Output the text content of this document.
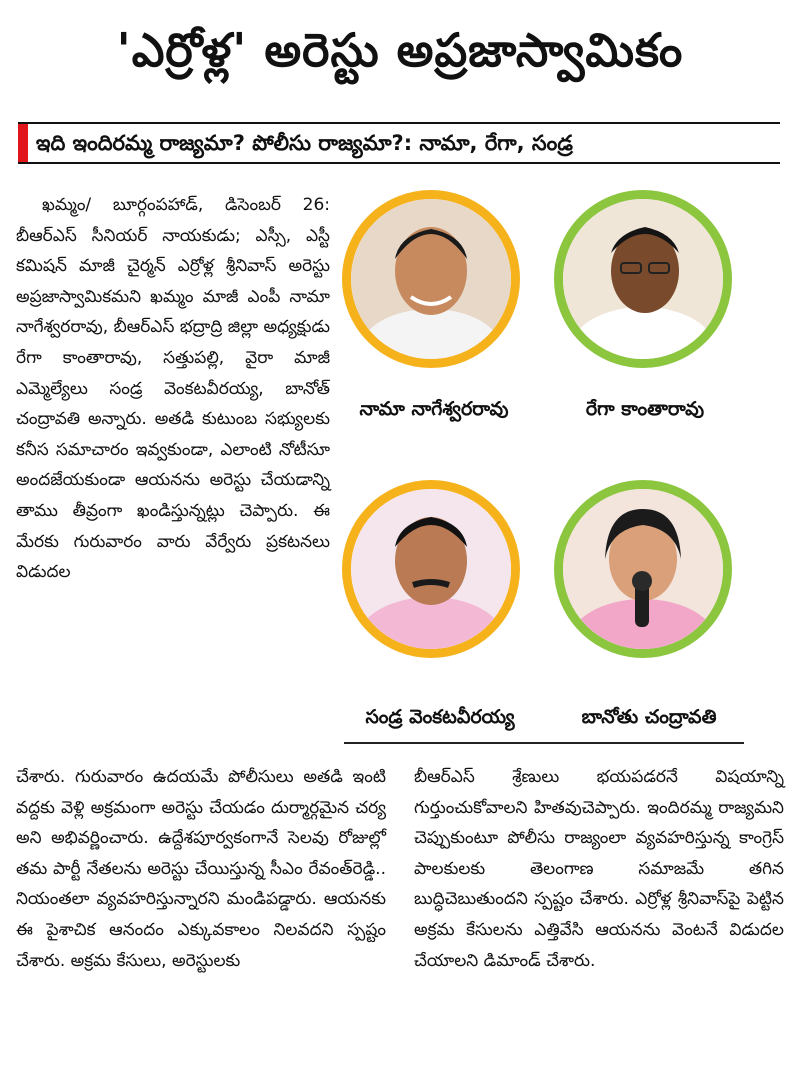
'ఎర్రోళ్ల' అరెస్టు అప్రజాస్వామికం
ఇది ఇందిరమ్మ రాజ్యమా? పోలీసు రాజ్యమా?: నామా, రేగా, సండ్ర

ఖమ్మం/ బూర్గంపహాడ్, డిసెంబర్ 26: బీఆర్ఎస్ సీనియర్ నాయకుడు; ఎస్సీ, ఎస్టీ కమిషన్ మాజీ చైర్మన్ ఎర్రోళ్ల శ్రీనివాస్ అరెస్టు అప్రజాస్వామికమని ఖమ్మం మాజీ ఎంపీ నామా నాగేశ్వరరావు, బీఆర్ఎస్ భద్రాద్రి జిల్లా అధ్యక్షుడు రేగా కాంతారావు, సత్తుపల్లి, వైరా మాజీ ఎమ్మెల్యేలు సండ్ర వెంకటవీరయ్య, బానోత్ చంద్రావతి అన్నారు. అతడి కుటుంబ సభ్యులకు కనీస సమాచారం ఇవ్వకుండా, ఎలాంటి నోటీసూ అందజేయకుండా ఆయనను అరెస్టు చేయడాన్ని తాము తీవ్రంగా ఖండిస్తున్నట్లు చెప్పారు. ఈ మేరకు గురువారం వారు వేర్వేరు ప్రకటనలు విడుదల

నామా నాగేశ్వరరావు	రేగా కాంతారావు
సండ్ర వెంకటవీరయ్య	బానోతు చంద్రావతి

చేశారు. గురువారం ఉదయమే పోలీసులు అతడి ఇంటి వద్దకు వెళ్లి అక్రమంగా అరెస్టు చేయడం దుర్మార్గమైన చర్య అని అభివర్ణించారు. ఉద్దేశపూర్వకంగానే సెలవు రోజుల్లో తమ పార్టీ నేతలను అరెస్టు చేయిస్తున్న సీఎం రేవంత్‌రెడ్డి.. నియంతలా వ్యవహరిస్తున్నారని మండిపడ్డారు. ఆయనకు ఈ పైశాచిక ఆనందం ఎక్కువకాలం నిలవదని స్పష్టం చేశారు. అక్రమ కేసులు, అరెస్టులకు

బీఆర్ఎస్ శ్రేణులు భయపడరనే విషయాన్ని గుర్తుంచుకోవాలని హితవుచెప్పారు. ఇందిరమ్మ రాజ్యమని చెప్పుకుంటూ పోలీసు రాజ్యంలా వ్యవహరిస్తున్న కాంగ్రెస్ పాలకులకు తెలంగాణ సమాజమే తగిన బుద్ధిచెబుతుందని స్పష్టం చేశారు. ఎర్రోళ్ల శ్రీనివాస్‌పై పెట్టిన అక్రమ కేసులను ఎత్తివేసి ఆయనను వెంటనే విడుదల చేయాలని డిమాండ్ చేశారు.
